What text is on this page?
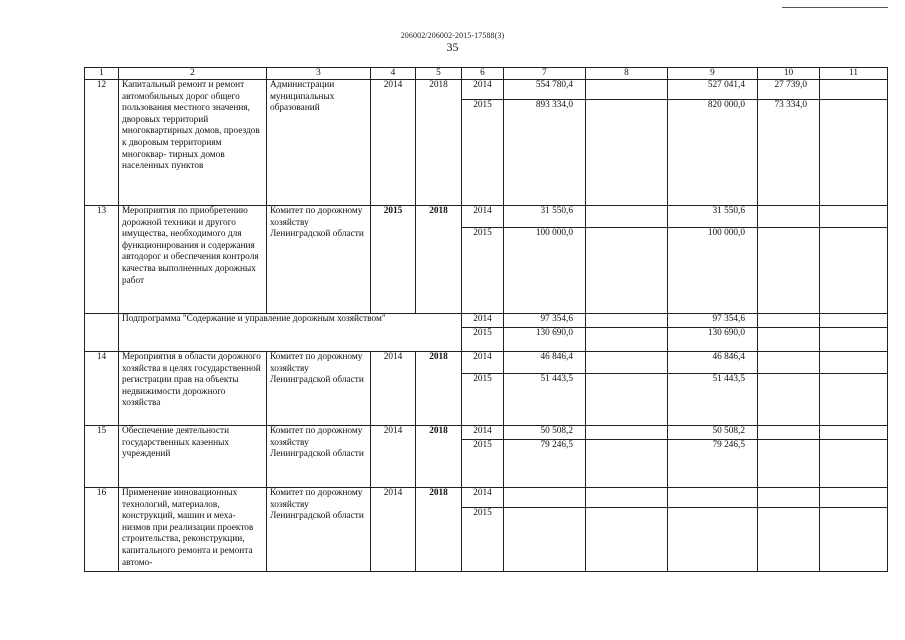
206002/206002-2015-17588(3)
35
1	2	3	4	5	6	7	8	9	10	11
12	Капитальный ремонт и ремонт автомобильных дорог общего пользования местного значения, дворовых территорий многоквартирных домов, проездов к дворовым территориям многоквар- тирных домов населенных пунктов	Администрации муниципальных образований	2014	2018	2014	554 780,4		527 041,4	27 739,0	
					2015	893 334,0		820 000,0	73 334,0	
13	Мероприятия по приобретению дорожной техники и другого имущества, необходимого для функционирования и содержания автодорог и обеспечения контроля качества выполненных дорожных работ	Комитет по дорожному хозяйству Ленинградской области	2015	2018	2014	31 550,6		31 550,6		
					2015	100 000,0		100 000,0		
	Подпрограмма "Содержание и управление дорожным хозяйством"				2014	97 354,6		97 354,6		
					2015	130 690,0		130 690,0		
14	Мероприятия в области дорожного хозяйства в целях государственной регистрации прав на объекты недвижимости дорожного хозяйства	Комитет по дорожному хозяйству Ленинградской области	2014	2018	2014	46 846,4		46 846,4		
					2015	51 443,5		51 443,5		
15	Обеспечение деятельности государственных казенных учреждений	Комитет по дорожному хозяйству Ленинградской области	2014	2018	2014	50 508,2		50 508,2		
					2015	79 246,5		79 246,5		
16	Применение инновационных технологий, материалов, конструкций, машин и меха- низмов при реализации проектов строительства, реконструкции, капитального ремонта и ремонта автомо-	Комитет по дорожному хозяйству Ленинградской области	2014	2018	2014					
					2015					
